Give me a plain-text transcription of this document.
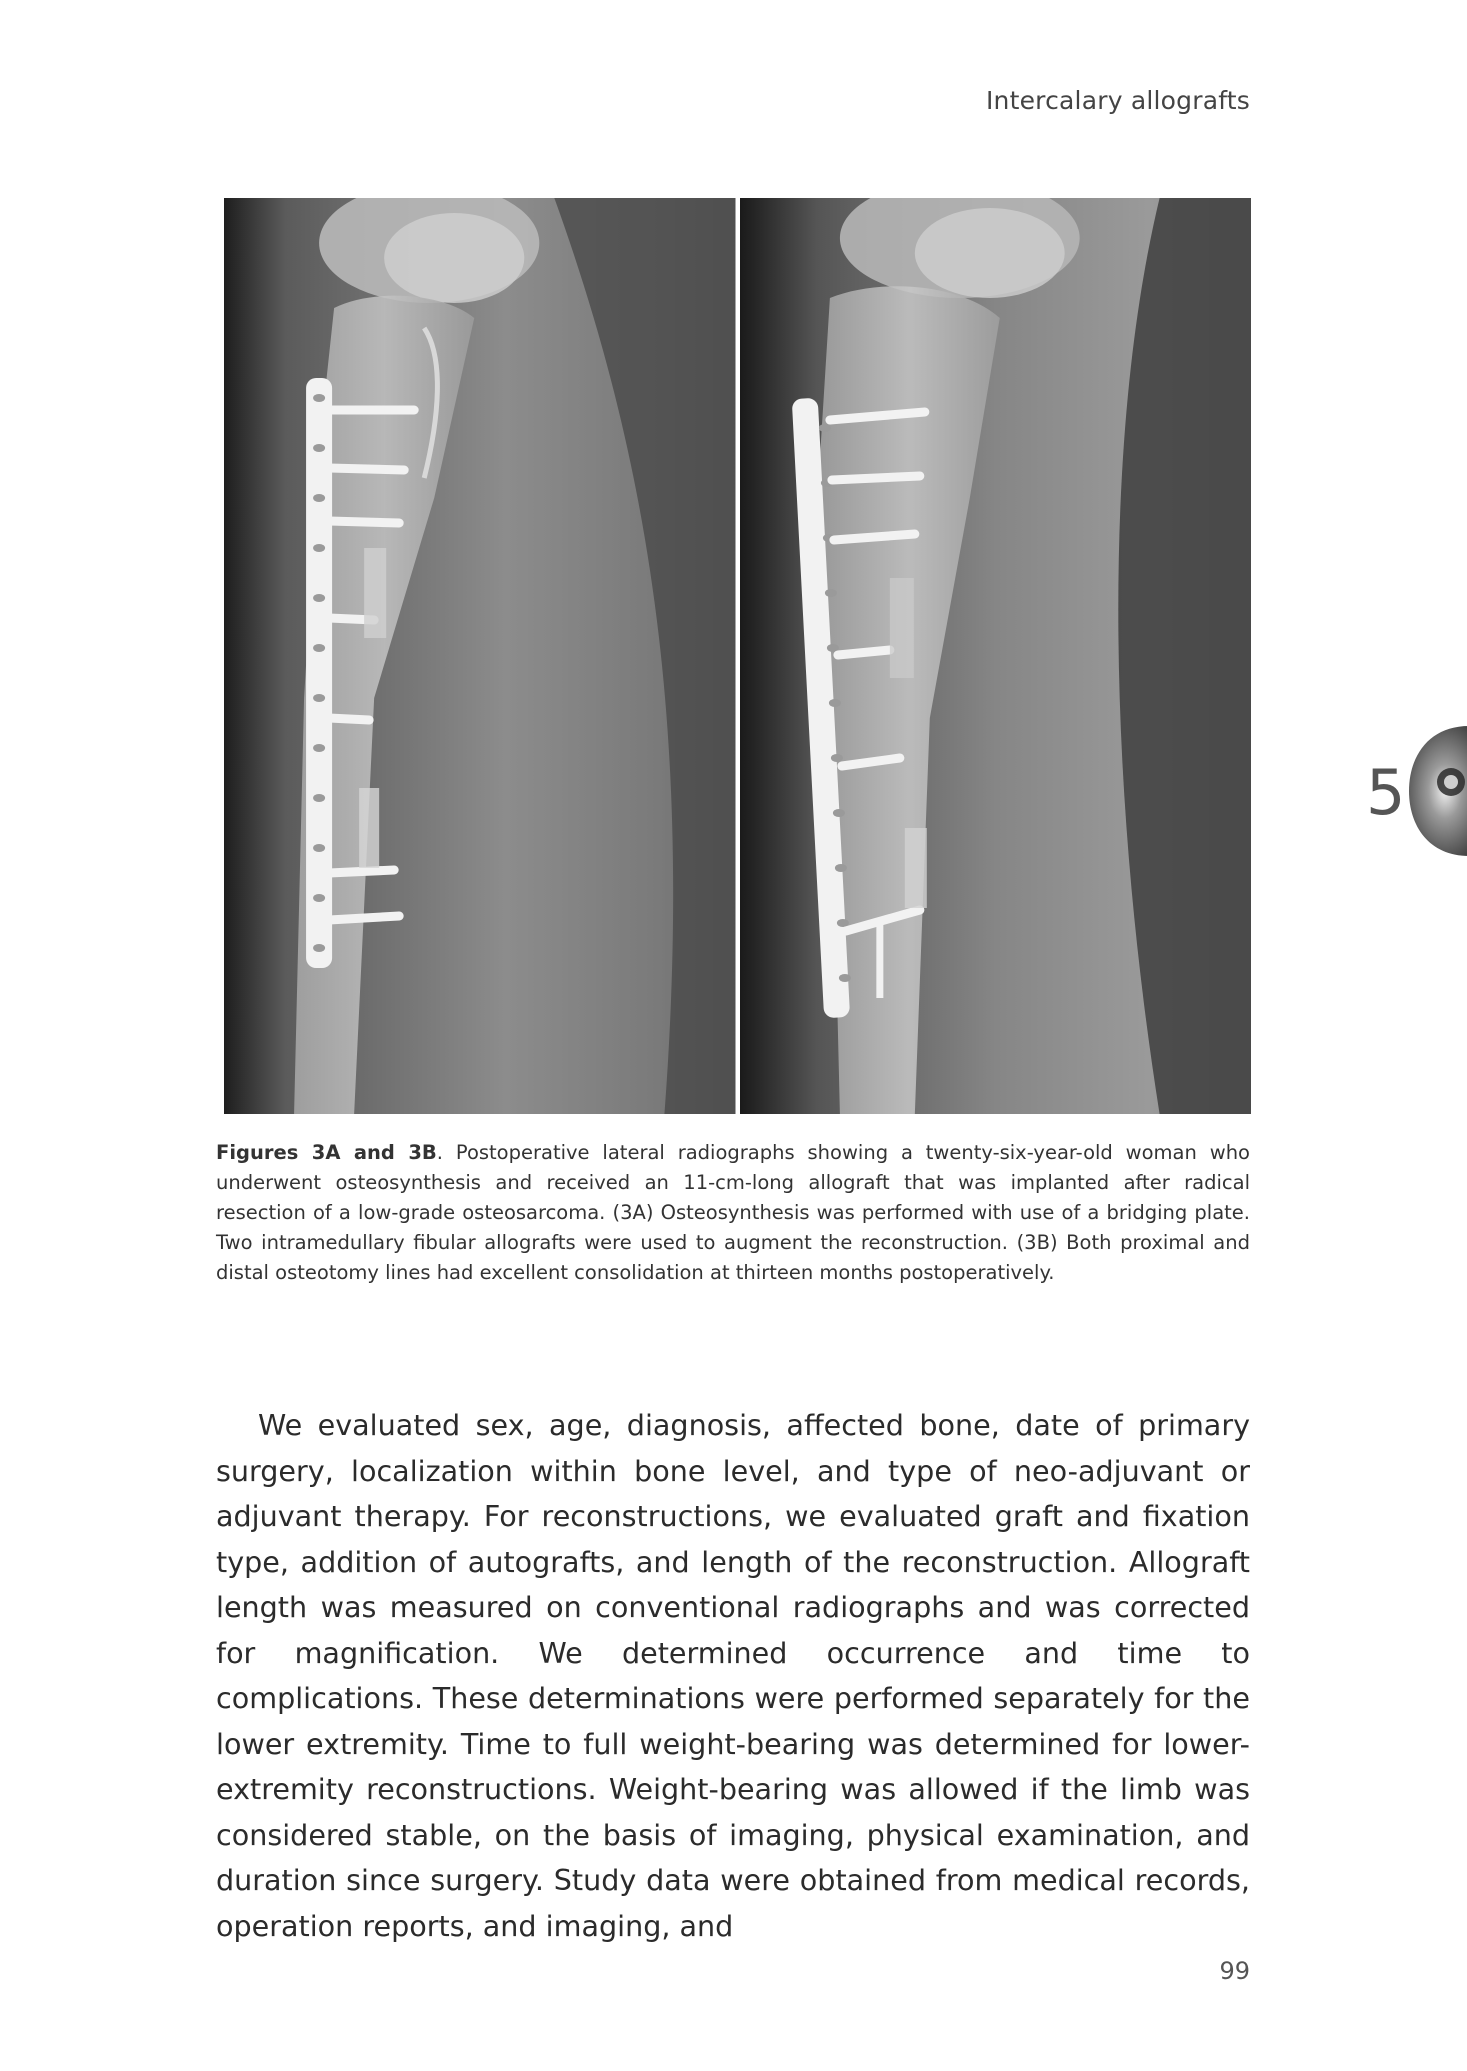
Intercalary allografts
Figures 3A and 3B. Postoperative lateral radiographs showing a twenty-six-year-old woman who underwent osteosynthesis and received an 11-cm-long allograft that was implanted after radical resection of a low-grade osteosarcoma. (3A) Osteosynthesis was performed with use of a bridging plate. Two intramedullary fibular allografts were used to augment the reconstruction. (3B) Both proximal and distal osteotomy lines had excellent consolidation at thirteen months postoperatively.

We evaluated sex, age, diagnosis, affected bone, date of primary surgery, localization within bone level, and type of neo-adjuvant or adjuvant therapy. For reconstructions, we evaluated graft and fixation type, addition of autografts, and length of the reconstruction. Allograft length was measured on conventional radiographs and was corrected for magnification. We determined occurrence and time to complications. These determinations were performed separately for the lower extremity. Time to full weight-bearing was determined for lower-extremity reconstructions. Weight-bearing was allowed if the limb was considered stable, on the basis of imaging, physical examination, and duration since surgery. Study data were obtained from medical records, operation reports, and imaging, and

5
99
